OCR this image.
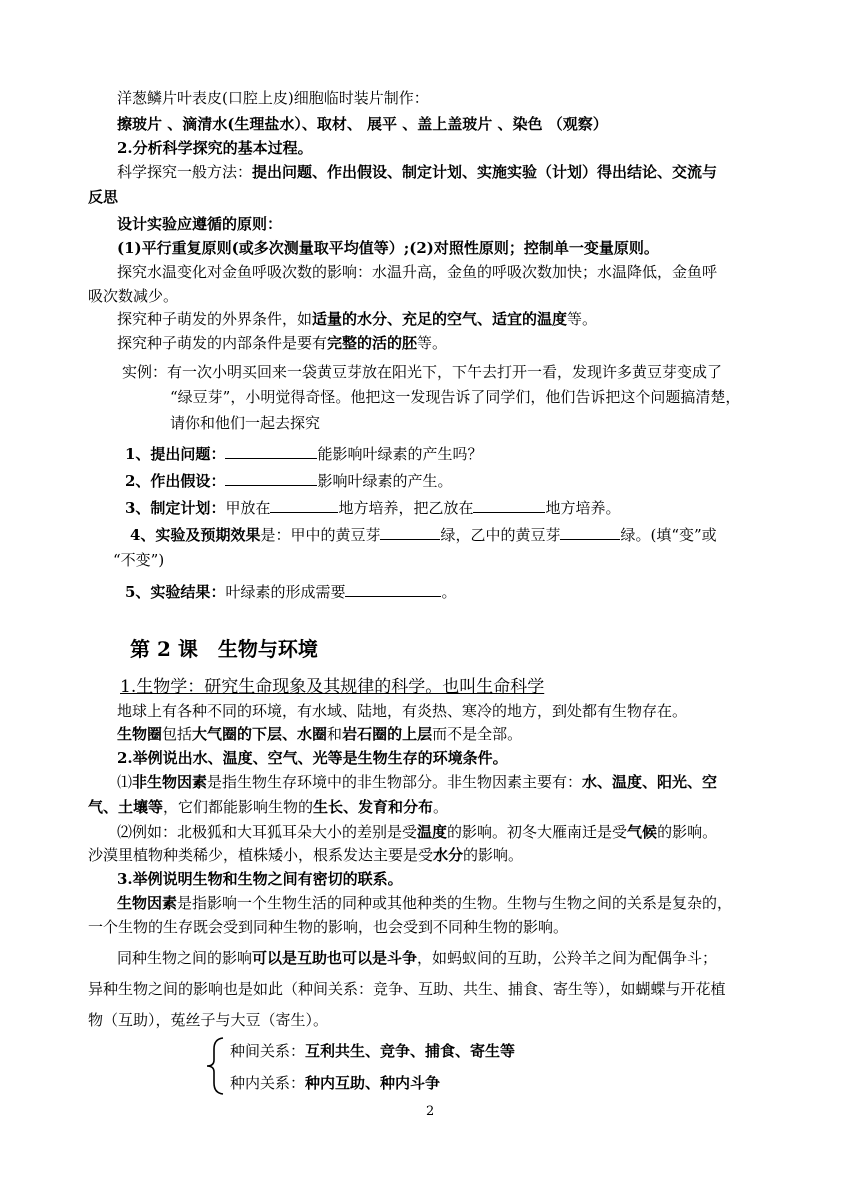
洋葱鳞片叶表皮(口腔上皮)细胞临时装片制作：
擦玻片 、滴清水(生理盐水）、取材、 展平 、盖上盖玻片 、染色 （观察）
2.分析科学探究的基本过程。
科学探究一般方法：提出问题、作出假设、制定计划、实施实验（计划）得出结论、交流与
反思
设计实验应遵循的原则：
(1)平行重复原则(或多次测量取平均值等）;(2)对照性原则；控制单一变量原则。
探究水温变化对金鱼呼吸次数的影响：水温升高，金鱼的呼吸次数加快；水温降低，金鱼呼
吸次数减少。
探究种子萌发的外界条件，如适量的水分、充足的空气、适宜的温度等。
探究种子萌发的内部条件是要有完整的活的胚等。
实例：有一次小明买回来一袋黄豆芽放在阳光下，下午去打开一看，发现许多黄豆芽变成了
“绿豆芽”，小明觉得奇怪。他把这一发现告诉了同学们，他们告诉把这个问题搞清楚，
请你和他们一起去探究
1、提出问题：	能影响叶绿素的产生吗？
2、作出假设：	影响叶绿素的产生。
3、制定计划：甲放在	地方培养，把乙放在	地方培养。
4、实验及预期效果是：甲中的黄豆芽	绿，乙中的黄豆芽	绿。(填“变”或
“不变”)
5、实验结果：叶绿素的形成需要	。
第 2 课　生物与环境
1.生物学：研究生命现象及其规律的科学。也叫生命科学
地球上有各种不同的环境，有水域、陆地，有炎热、寒冷的地方，到处都有生物存在。
生物圈包括大气圈的下层、水圈和岩石圈的上层而不是全部。
2.举例说出水、温度、空气、光等是生物生存的环境条件。
⑴非生物因素是指生物生存环境中的非生物部分。非生物因素主要有：水、温度、阳光、空
气、土壤等，它们都能影响生物的生长、发育和分布。
⑵例如：北极狐和大耳狐耳朵大小的差别是受温度的影响。初冬大雁南迁是受气候的影响。
沙漠里植物种类稀少，植株矮小，根系发达主要是受水分的影响。
3.举例说明生物和生物之间有密切的联系。
生物因素是指影响一个生物生活的同种或其他种类的生物。生物与生物之间的关系是复杂的，
一个生物的生存既会受到同种生物的影响，也会受到不同种生物的影响。
同种生物之间的影响可以是互助也可以是斗争，如蚂蚁间的互助，公羚羊之间为配偶争斗；
异种生物之间的影响也是如此（种间关系：竞争、互助、共生、捕食、寄生等），如蝴蝶与开花植
物（互助），菟丝子与大豆（寄生）。
种间关系：互利共生、竞争、捕食、寄生等
种内关系：种内互助、种内斗争
2
